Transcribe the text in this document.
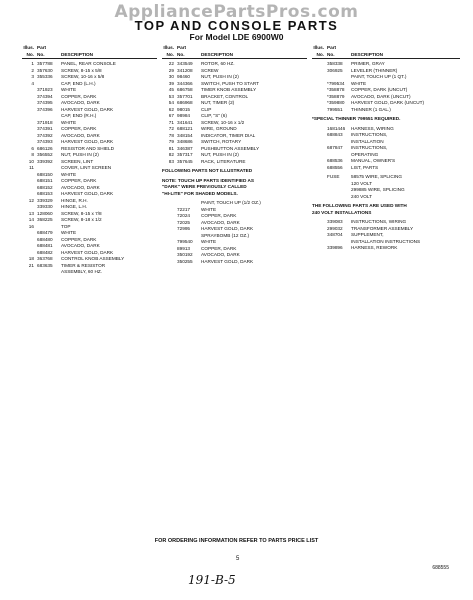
AppliancePartsPros.com
TOP AND CONSOLE PARTS
For Model LDE 6900W0
Illus. Part
No. No.	DESCRIPTION
1 357788	PANEL, REAR CONSOLE
2 357630	SCREW, 8-15 x 5/8
3 355336	SCREW, 10-16 x 5/8
4	CAP, END (L.H.)
371923	WHITE
374394	COPPER, DARK
374395	AVOCADO, DARK
374396	HARVEST GOLD, DARK
CAP, END (R.H.)
371918	WHITE
374391	COPPER, DARK
374392	AVOCADO, DARK
374393	HARVEST GOLD, DARK
6 686126	RESISTOR AND SHIELD
8 356552	NUT, PUSH IN (2)
10 339392	SCREEN, LINT
11	COVER, LINT SCREEN
688150	WHITE
688151	COPPER, DARK
688152	AVOCADO, DARK
688153	HARVEST GOLD, DARK
12 339329	HINGE, R.H.
339330	HINGE, L.H.
13 128060	SCREW, 8-15 x 7/8
14 368225	SCREW, 8-18 x 1/2
16	TOP
688479	WHITE
688480	COPPER, DARK
688481	AVOCADO, DARK
688482	HARVEST GOLD, DARK
18 363768	CONTROL KNOB ASSEMBLY
21 683635	TIMER & RESISTOR
ASSEMBLY, 60 HZ.
Illus. Part
No. No.	DESCRIPTION
22 343549	ROTOR, 60 HZ.
29 341208	SCREW
30 98460	NUT, PUSH IN (2)
39 344366	SWITCH, PUSH TO START
45 686758	TIMER KNOB ASSEMBLY
53 357701	BRACKET, CONTROL
54 686968	NUT, TIMER (2)
62 98015	CLIP
67 98984	CLIP, "S" (6)
71 341641	SCREW, 10-16 x 1/2
72 688121	WIRE, GROUND
78 348154	INDICATOR, TIMER DIAL
79 348686	SWITCH, ROTARY
81 346387	PUSHBUTTON ASSEMBLY
82 357317	NUT, PUSH IN (2)
83 357645	RACK, LITERATURE
FOLLOWING PARTS NOT ILLUSTRATED
NOTE: TOUCH UP PARTS IDENTIFIED AS
"DARK" WERE PREVIOUSLY CALLED
"HI-LITE" FOR SHADED MODELS.
PAINT, TOUCH UP (1/2 OZ.)
72217	WHITE
72024	COPPER, DARK
72025	AVOCADO, DARK
72995	HARVEST GOLD, DARK
SPRAYBOMB (12 OZ.)
799540	WHITE
89913	COPPER, DARK
350192	AVOCADO, DARK
350255	HARVEST GOLD, DARK
Illus. Part
No. No.	DESCRIPTION
358338	PRIMER, GRAY
306925	LEVELER (THINNER)
PAINT, TOUCH UP (1 QT.)
*799534	WHITE
*358878	COPPER, DARK (UNCUT)
*358879	AVOCADO, DARK (UNCUT)
*359880	HARVEST GOLD, DARK (UNCUT)
799551	THINNER (1 GAL.)
*SPECIAL THINNER 799551 REQUIRED.
1681446	HARNESS, WIRING
688843	INSTRUCTIONS,
INSTALLATION
687847	INSTRUCTIONS,
OPERATING
688536	MANUAL, OWNER'S
688556	LIST, PARTS
FUSE	58575 WIRE, SPLICING
120 VOLT
299885 WIRE, SPLICING
240 VOLT
THE FOLLOWING PARTS ARE USED WITH
240 VOLT INSTALLATIONS
339083	INSTRUCTIONS, WIRING
299032	TRANSFORMER ASSEMBLY
348704	SUPPLEMENT,
INSTALLATION INSTRUCTIONS
339896	HARNESS, REWORK
FOR ORDERING INFORMATION REFER TO PARTS PRICE LIST
5
688555
191-B-5
